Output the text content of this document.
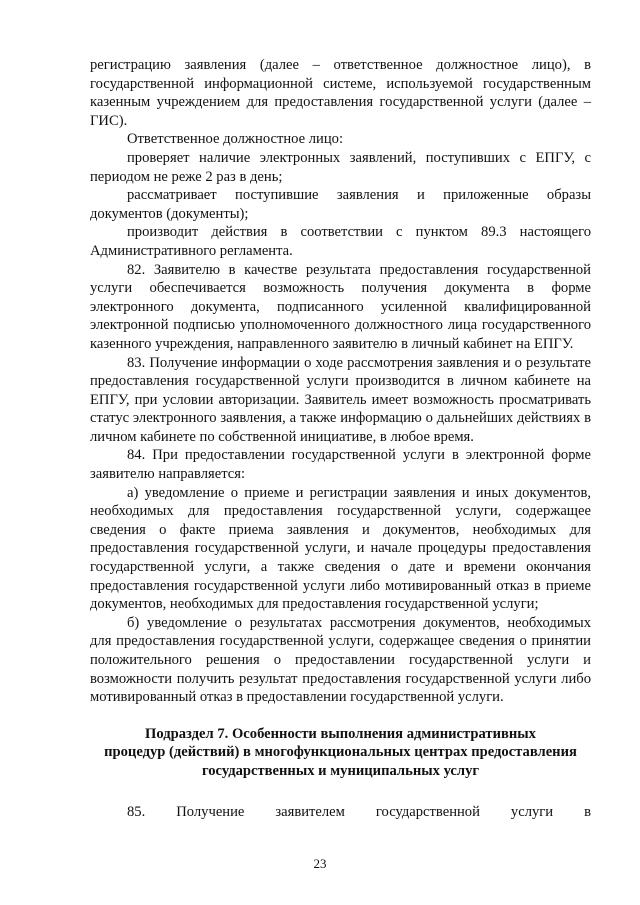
регистрацию заявления (далее – ответственное должностное лицо), в государственной информационной системе, используемой государственным казенным учреждением для предоставления государственной услуги (далее – ГИС).

Ответственное должностное лицо:

проверяет наличие электронных заявлений, поступивших с ЕПГУ, с периодом не реже 2 раз в день;

рассматривает поступившие заявления и приложенные образы документов (документы);

производит действия в соответствии с пунктом 89.3 настоящего Административного регламента.

82. Заявителю в качестве результата предоставления государственной услуги обеспечивается возможность получения документа в форме электронного документа, подписанного усиленной квалифицированной электронной подписью уполномоченного должностного лица государственного казенного учреждения, направленного заявителю в личный кабинет на ЕПГУ.

83. Получение информации о ходе рассмотрения заявления и о результате предоставления государственной услуги производится в личном кабинете на ЕПГУ, при условии авторизации. Заявитель имеет возможность просматривать статус электронного заявления, а также информацию о дальнейших действиях в личном кабинете по собственной инициативе, в любое время.

84. При предоставлении государственной услуги в электронной форме заявителю направляется:

а) уведомление о приеме и регистрации заявления и иных документов, необходимых для предоставления государственной услуги, содержащее сведения о факте приема заявления и документов, необходимых для предоставления государственной услуги, и начале процедуры предоставления государственной услуги, а также сведения о дате и времени окончания предоставления государственной услуги либо мотивированный отказ в приеме документов, необходимых для предоставления государственной услуги;

б) уведомление о результатах рассмотрения документов, необходимых для предоставления государственной услуги, содержащее сведения о принятии положительного решения о предоставлении государственной услуги и возможности получить результат предоставления государственной услуги либо мотивированный отказ в предоставлении государственной услуги.

Подраздел 7. Особенности выполнения административных
процедур (действий) в многофункциональных центрах предоставления
государственных и муниципальных услуг
85. Получение заявителем государственной услуги в
23
